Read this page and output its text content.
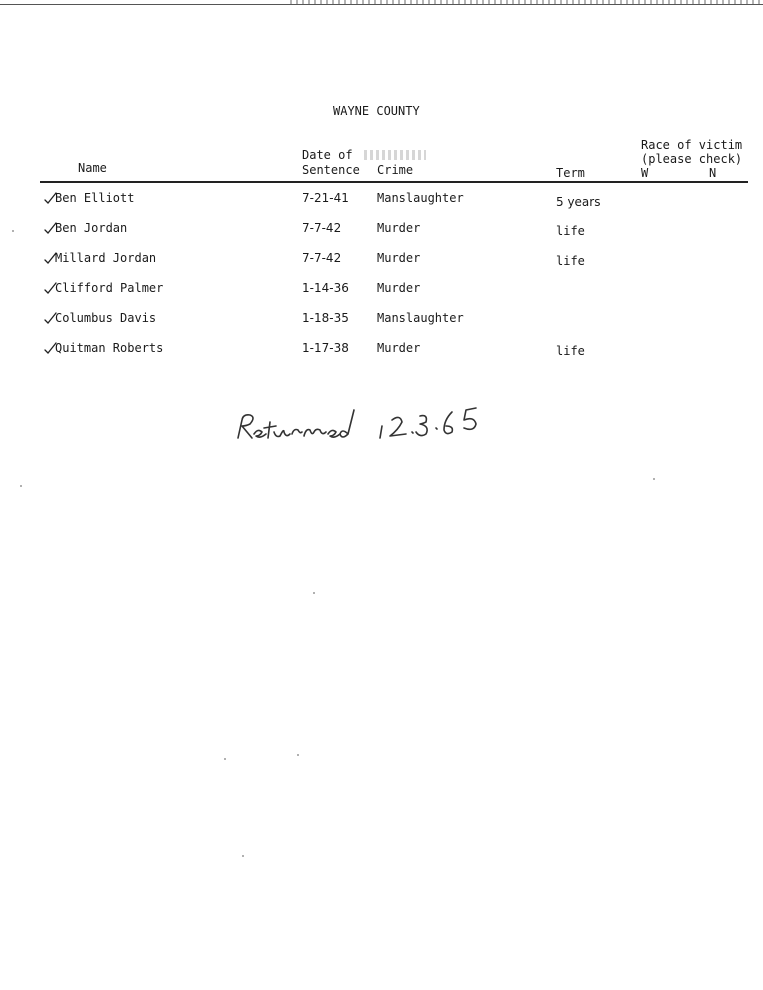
WAYNE COUNTY
Name
Date of
Sentence Crime	Term
Race of victim
(please check)
W	N
Ben Elliott	7-21-41 Manslaughter	5 years
Ben Jordan	7-7-42	Murder	life
Millard Jordan	7-7-42	Murder	life
Clifford Palmer	1-14-36 Murder
Columbus Davis	1-18-35 Manslaughter
Quitman Roberts	1-17-38 Murder	life
